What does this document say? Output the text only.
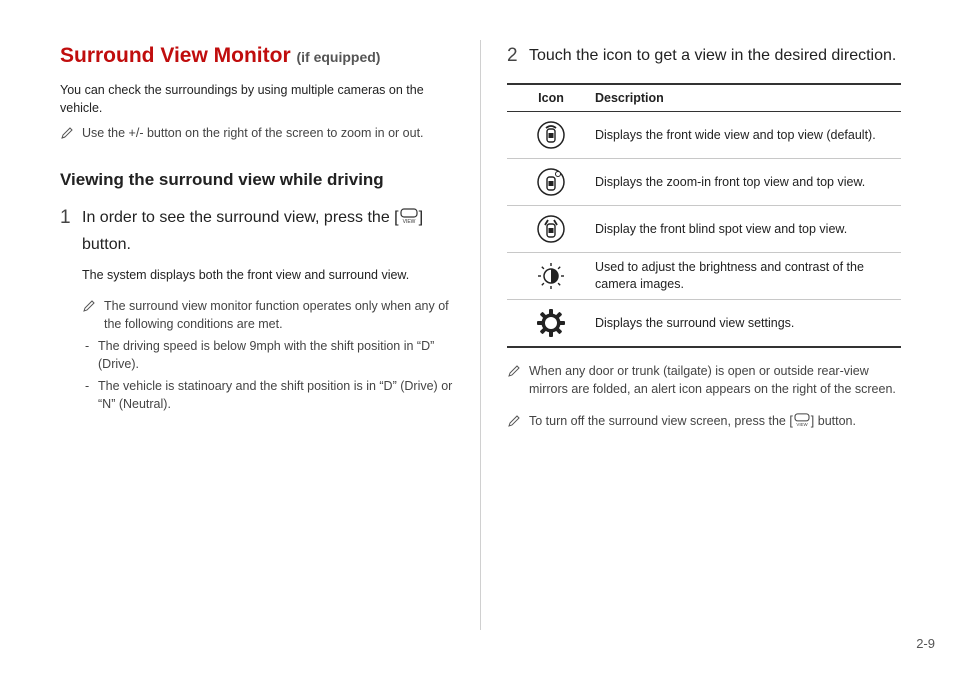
Surround View Monitor (if equipped)

You can check the surroundings by using multiple cameras on the vehicle.

Use the +/- button on the right of the screen to zoom in or out.
Viewing the surround view while driving
1 In order to see the surround view, press the [ VIEW ] button.

The system displays both the front view and surround view.

The surround view monitor function operates only when any of the following conditions are met.
- The driving speed is below 9mph with the shift position in “D” (Drive).
- The vehicle is statinoary and the shift position is in “D” (Drive) or “N” (Neutral).
2 Touch the icon to get a view in the desired direction.
Icon	Description
	Displays the front wide view and top view (default).
	Displays the zoom-in front top view and top view.
	Display the front blind spot view and top view.
	Used to adjust the brightness and contrast of the camera images.
	Displays the surround view settings.
When any door or trunk (tailgate) is open or outside rear-view mirrors are folded, an alert icon appears on the right of the screen.
To turn off the surround view screen, press the [ VIEW ] button.
2-9
